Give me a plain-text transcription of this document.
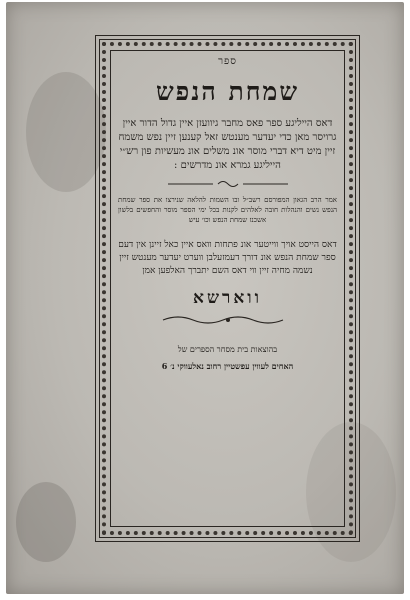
ספר

שמחת הנפש

דאס הייליגע ספר פאס מחבר גיוועזן איין גדול הדור איין גרויסר מאן כדי יעדער מענטש זאל קענען זיין נפש משמח זיין מיט דיא דברי מוסר אונ משלים אונ מעשיות פון רש״י הייליגע גמרא אונ מדרשים :

אמר הרב הגאון המפורסם רשב״ל ובו השמות להלאה שנירצו את ספר שמחת הנפש נשים והנהלות חובה לאלהים לקנות בכל ימי הספר מוסר והחפשים בלשון אשכנז שמחת הנפש וכו׳ עיש

דאס הייסט אויך ווייטער אונ פתחות וואס איין כאל זיינן אין דעם ספר שמחת הנפש אונ דורך דעמזעלבן ווערט יעדער מענטש זיין נשמה מחיה זיין ווי דאס השם יתברך האלפען אמן

ווארשא

בהוצאות בית מסחר הספרים של

האחים לעווין עפשטיין רחוב נאלעווקי נ׳ 6
